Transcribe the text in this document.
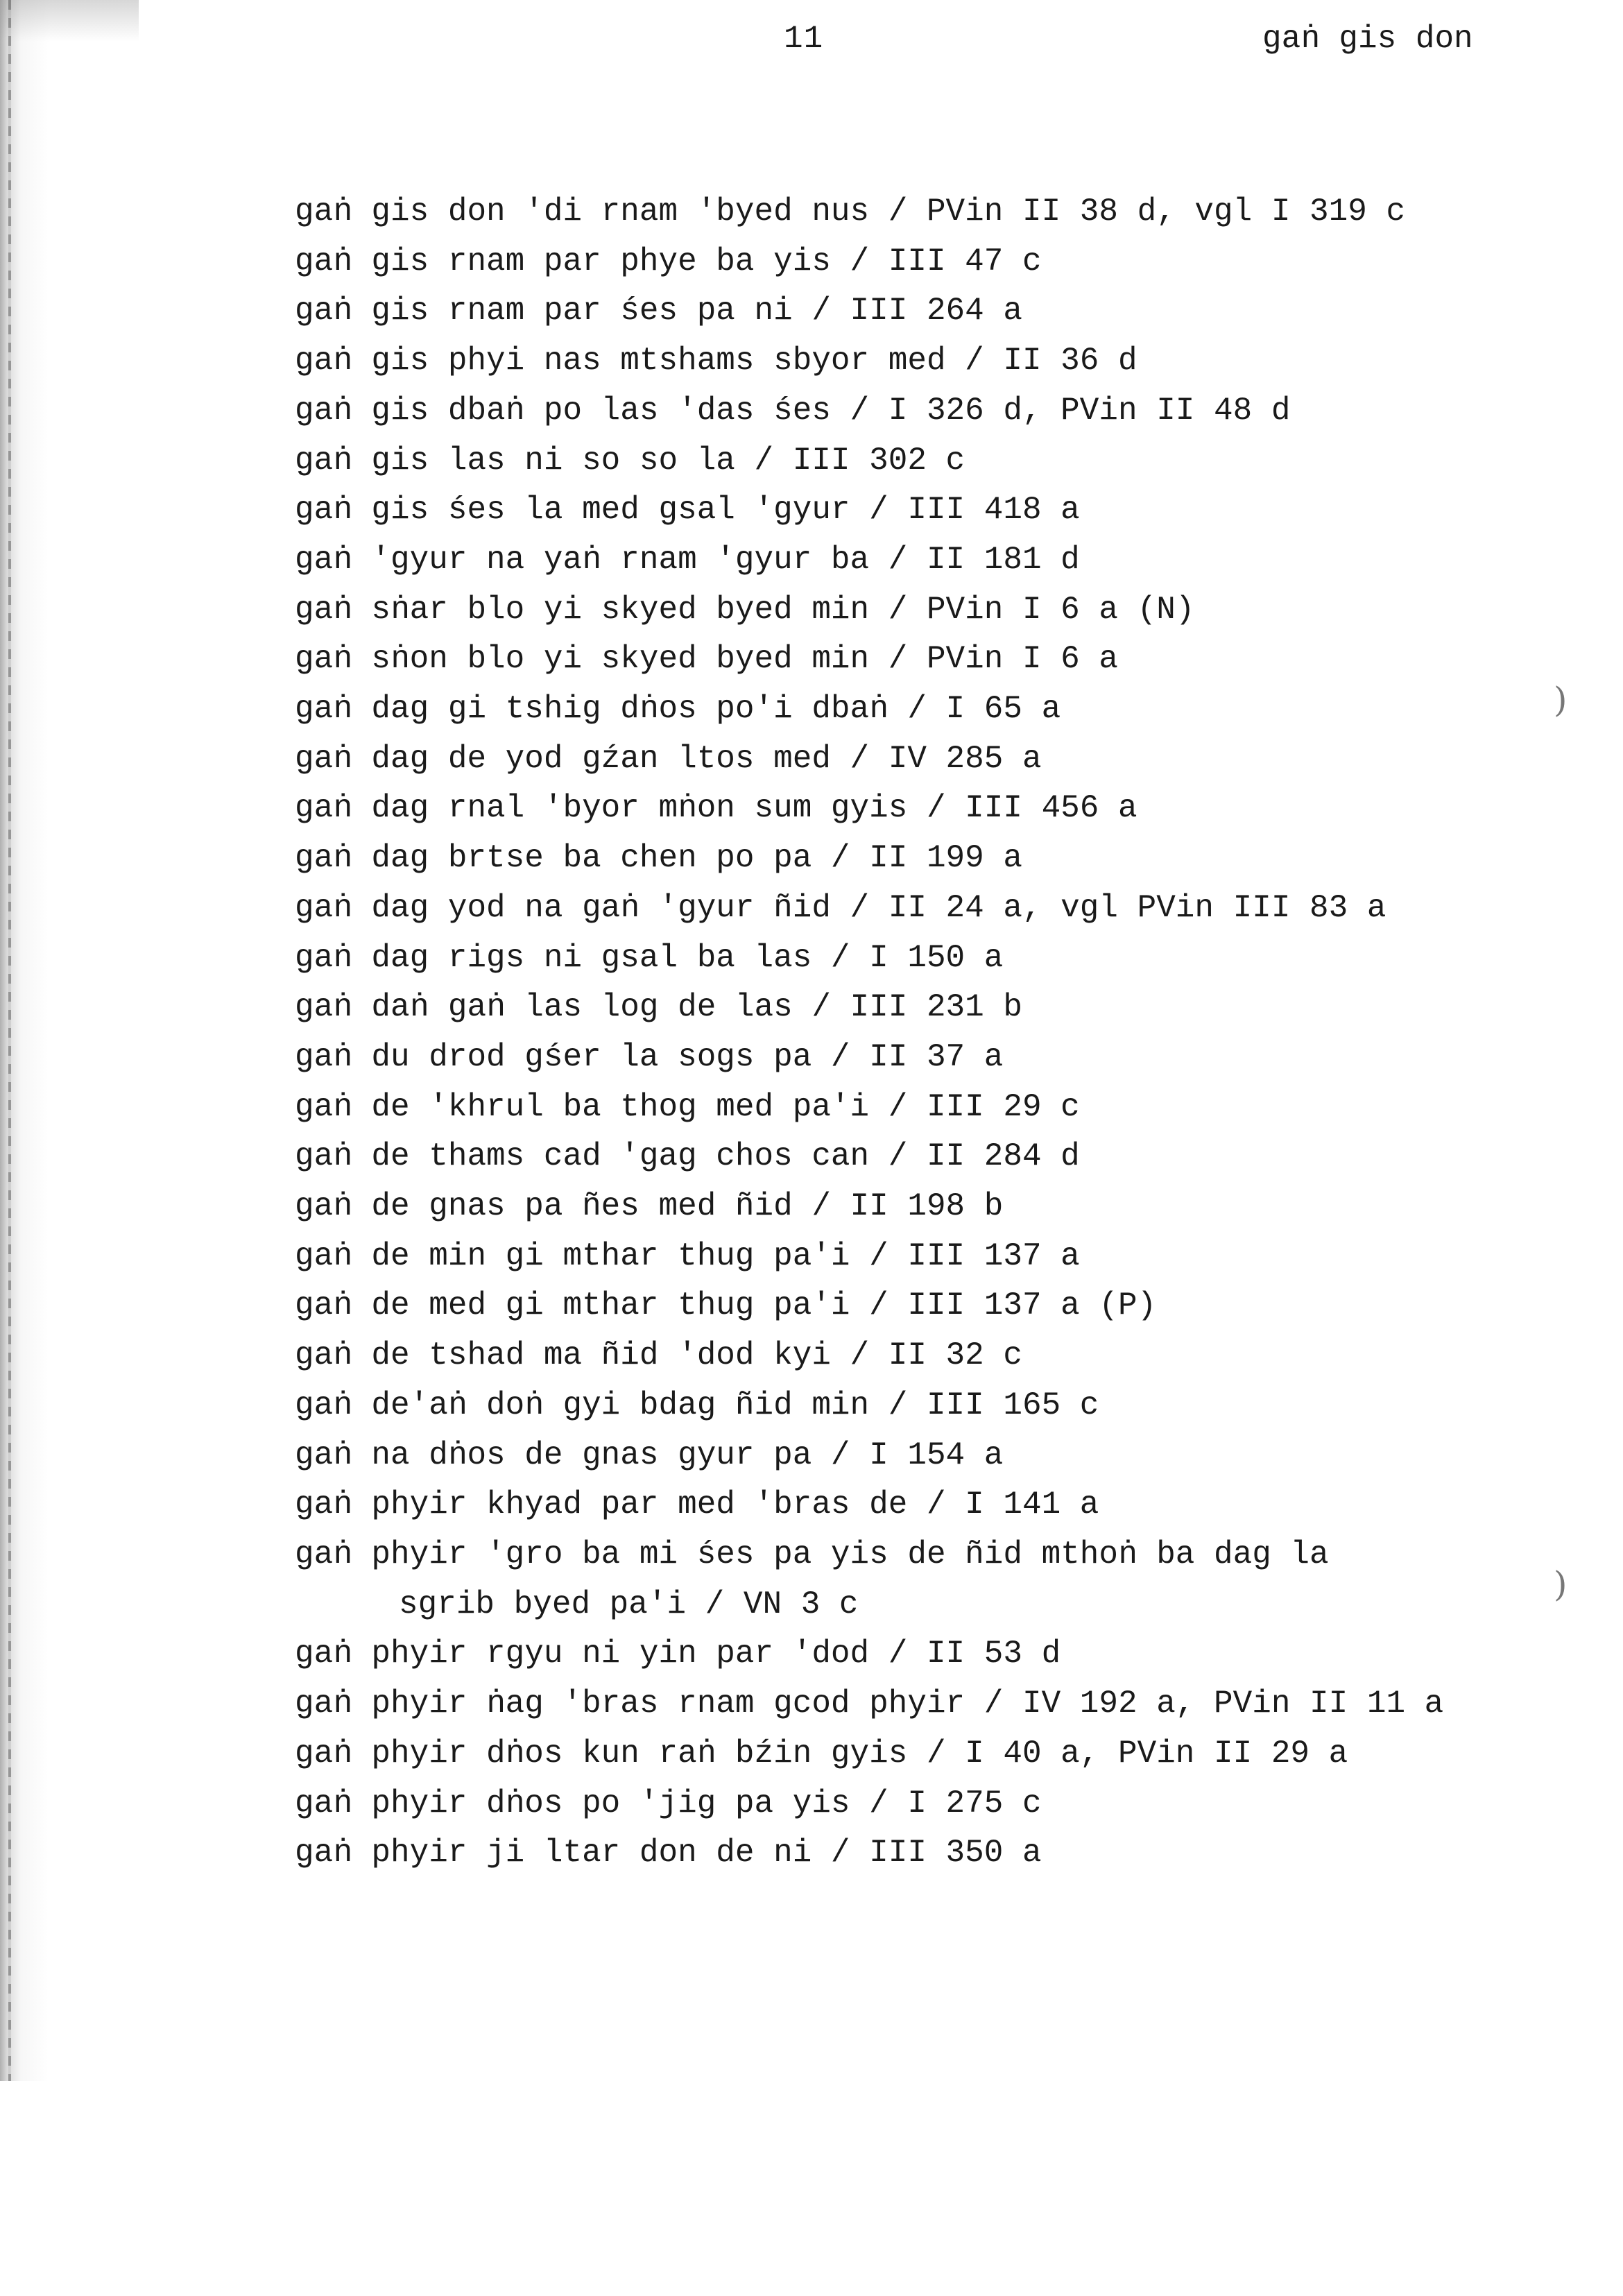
11	gaṅ gis don
gaṅ gis don 'di rnam 'byed nus / PVin II 38 d, vgl I 319 c
gaṅ gis rnam par phye ba yis / III 47 c
gaṅ gis rnam par śes pa ni / III 264 a
gaṅ gis phyi nas mtshams sbyor med / II 36 d
gaṅ gis dbaṅ po las 'das śes / I 326 d, PVin II 48 d
gaṅ gis las ni so so la / III 302 c
gaṅ gis śes la med gsal 'gyur / III 418 a
gaṅ 'gyur na yaṅ rnam 'gyur ba / II 181 d
gaṅ sṅar blo yi skyed byed min / PVin I 6 a (N)
gaṅ sṅon blo yi skyed byed min / PVin I 6 a
gaṅ dag gi tshig dṅos po'i dbaṅ / I 65 a
gaṅ dag de yod gźan ltos med / IV 285 a
gaṅ dag rnal 'byor mṅon sum gyis / III 456 a
gaṅ dag brtse ba chen po pa / II 199 a
gaṅ dag yod na gaṅ 'gyur ñid / II 24 a, vgl PVin III 83 a
gaṅ dag rigs ni gsal ba las / I 150 a
gaṅ daṅ gaṅ las log de las / III 231 b
gaṅ du drod gśer la sogs pa / II 37 a
gaṅ de 'khrul ba thog med pa'i / III 29 c
gaṅ de thams cad 'gag chos can / II 284 d
gaṅ de gnas pa ñes med ñid / II 198 b
gaṅ de min gi mthar thug pa'i / III 137 a
gaṅ de med gi mthar thug pa'i / III 137 a (P)
gaṅ de tshad ma ñid 'dod kyi / II 32 c
gaṅ de'aṅ doṅ gyi bdag ñid min / III 165 c
gaṅ na dṅos de gnas gyur pa / I 154 a
gaṅ phyir khyad par med 'bras de / I 141 a
gaṅ phyir 'gro ba mi śes pa yis de ñid mthoṅ ba dag la
sgrib byed pa'i / VN 3 c
gaṅ phyir rgyu ni yin par 'dod / II 53 d
gaṅ phyir ṅag 'bras rnam gcod phyir / IV 192 a, PVin II 11 a
gaṅ phyir dṅos kun raṅ bźin gyis / I 40 a, PVin II 29 a
gaṅ phyir dṅos po 'jig pa yis / I 275 c
gaṅ phyir ji ltar don de ni / III 350 a
)
)
